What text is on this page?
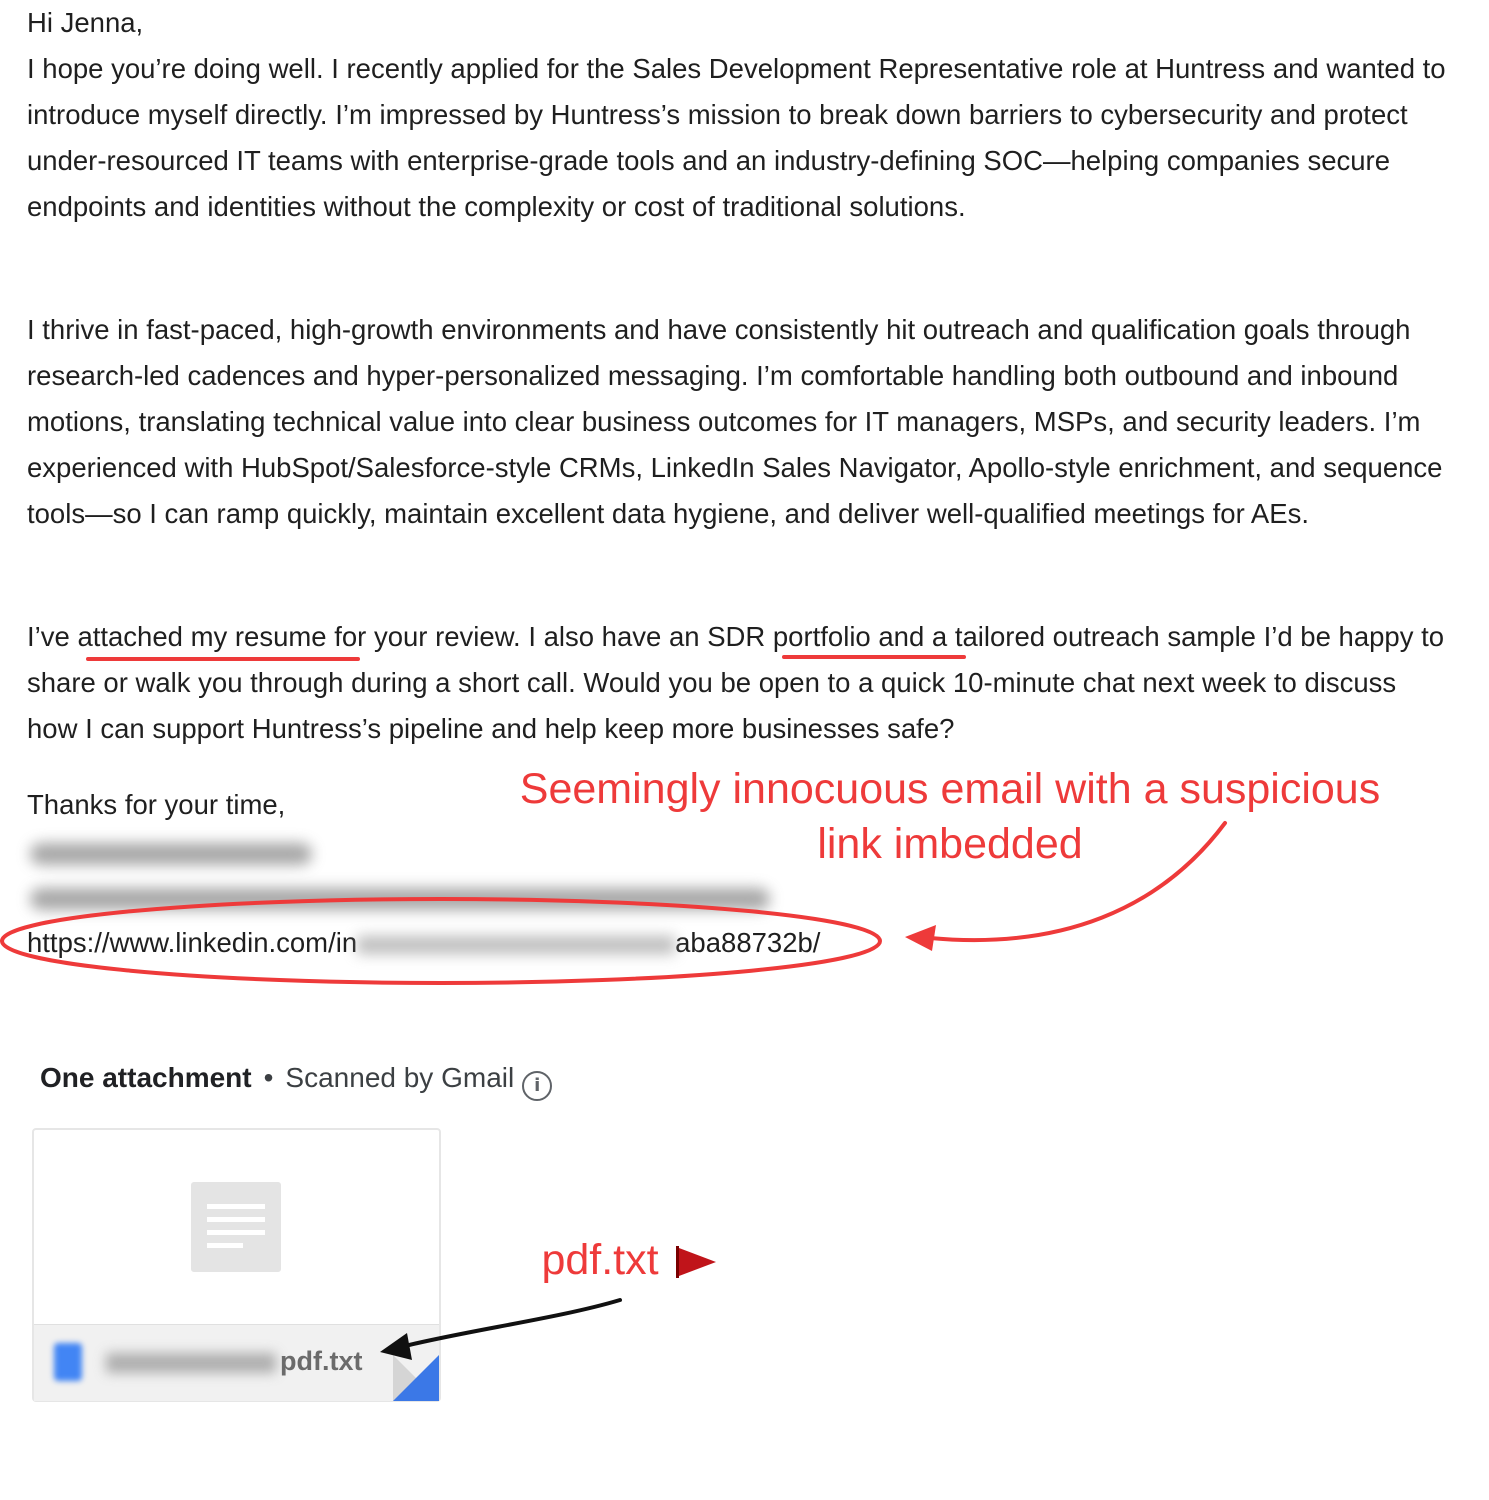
Hi Jenna,

I hope you’re doing well. I recently applied for the Sales Development Representative role at Huntress and wanted to introduce myself directly. I’m impressed by Huntress’s mission to break down barriers to cybersecurity and protect under-resourced IT teams with enterprise-grade tools and an industry-defining SOC—helping companies secure endpoints and identities without the complexity or cost of traditional solutions.

I thrive in fast-paced, high-growth environments and have consistently hit outreach and qualification goals through research-led cadences and hyper-personalized messaging. I’m comfortable handling both outbound and inbound motions, translating technical value into clear business outcomes for IT managers, MSPs, and security leaders. I’m experienced with HubSpot/Salesforce-style CRMs, LinkedIn Sales Navigator, Apollo-style enrichment, and sequence tools—so I can ramp quickly, maintain excellent data hygiene, and deliver well-qualified meetings for AEs.

I’ve attached my resume for your review. I also have an SDR portfolio and a tailored outreach sample I’d be happy to share or walk you through during a short call. Would you be open to a quick 10-minute chat next week to discuss how I can support Huntress’s pipeline and help keep more businesses safe?

Thanks for your time,

https://www.linkedin.com/in	aba88732b/
One attachment • Scanned by Gmail i
pdf.txt
Seemingly innocuous email with a suspicious
link imbedded
pdf.txt
